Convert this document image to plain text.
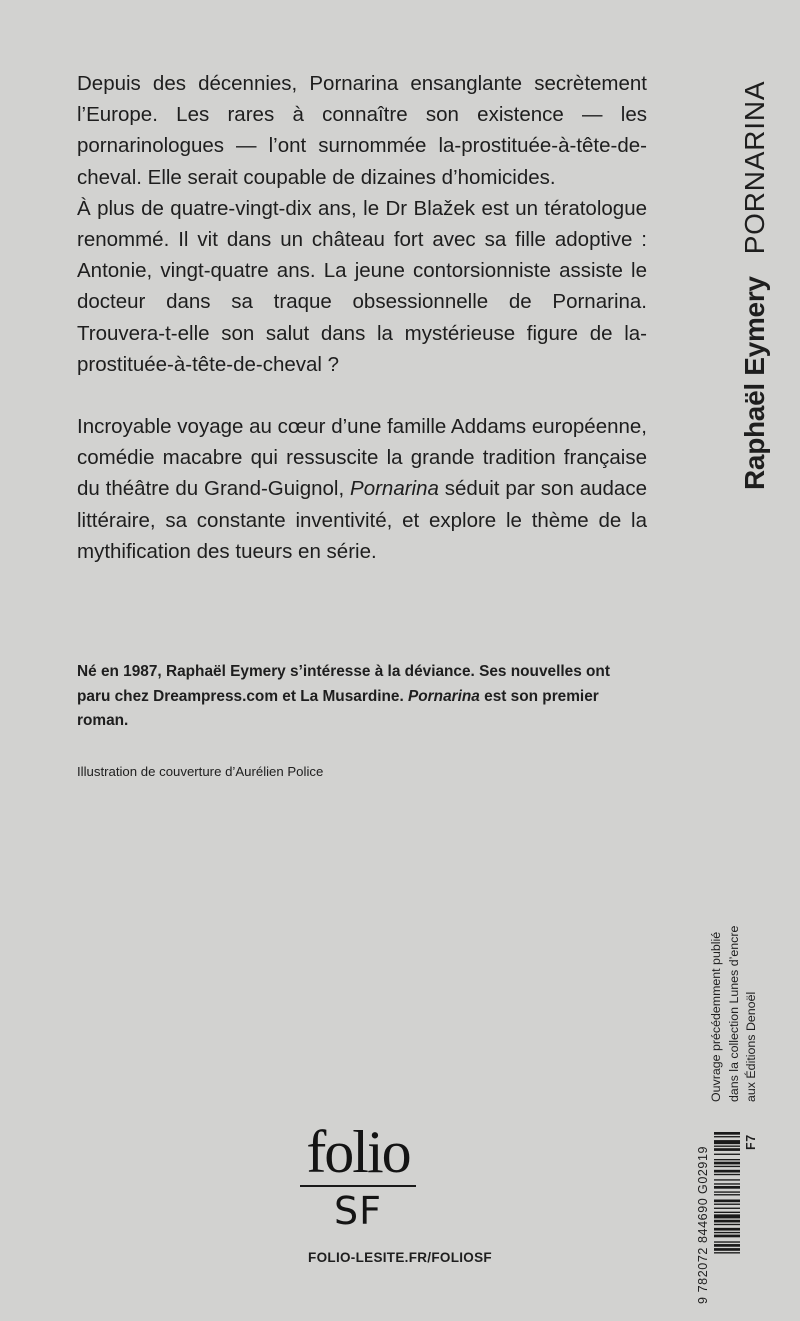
Depuis des décennies, Pornarina ensanglante secrètement l’Europe. Les rares à connaître son existence — les pornarinologues — l’ont surnommée la-prostituée-à-tête-de-cheval. Elle serait coupable de dizaines d’homicides.

À plus de quatre-vingt-dix ans, le Dr Blažek est un tératologue renommé. Il vit dans un château fort avec sa fille adoptive : Antonie, vingt-quatre ans. La jeune contorsionniste assiste le docteur dans sa traque obsessionnelle de Pornarina. Trouvera-t-elle son salut dans la mystérieuse figure de la-prostituée-à-tête-de-cheval ?

Incroyable voyage au cœur d’une famille Addams européenne, comédie macabre qui ressuscite la grande tradition française du théâtre du Grand-Guignol, Pornarina séduit par son audace littéraire, sa constante inventivité, et explore le thème de la mythification des tueurs en série.

Né en 1987, Raphaël Eymery s’intéresse à la déviance. Ses nouvelles ont paru chez Dreampress.com et La Musardine. Pornarina est son premier roman.
Illustration de couverture d’Aurélien Police
Raphaël EymeryPORNARINA
Ouvrage précédemment publié dans la collection Lunes d’encre aux Éditions Denoël
folio
SF
FOLIO-LESITE.FR/FOLIOSF	9 782072 844690
G02919
F7
